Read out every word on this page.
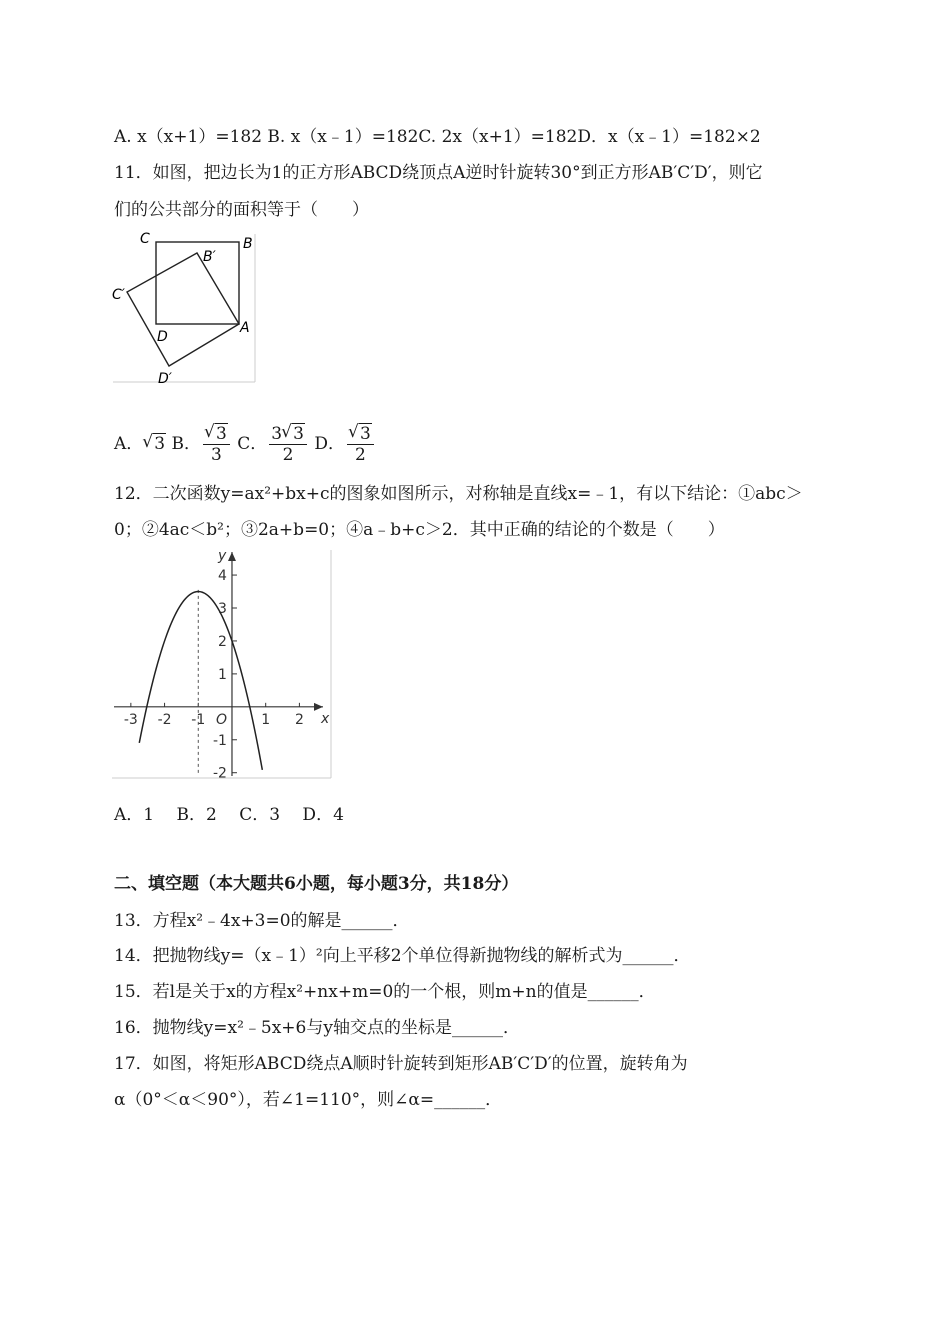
A. x（x+1）=182 B. x（x﹣1）=182C. 2x（x+1）=182D．x（x﹣1）=182×2
11．如图，把边长为1的正方形ABCD绕顶点A逆时针旋转30°到正方形AB′C′D′，则它
们的公共部分的面积等于（　　）
C	B
B′
C′
D
A
D′
A． √ 3 B． √ $\frac{3}{3}$ C． $\frac{3 √ 3}{2}$ D． √ $\frac{3}{2}$
12．二次函数y=ax²+bx+c的图象如图所示，对称轴是直线x=﹣1，有以下结论：①abc＞
0；②4ac＜b²；③2a+b=0；④a﹣b+c＞2．其中正确的结论的个数是（　　）
-3 -2 -1	1 2
4
3
2
1
-1
-2
x
y
O
A．1　 B．2　 C．3　 D．4
二、填空题（本大题共6小题，每小题3分，共18分）
13．方程x²﹣4x+3=0的解是______．
14．把抛物线y=（x﹣1）²向上平移2个单位得新抛物线的解析式为______．
15．若l是关于x的方程x²+nx+m=0的一个根，则m+n的值是______．
16．抛物线y=x²﹣5x+6与y轴交点的坐标是______．
17．如图，将矩形ABCD绕点A顺时针旋转到矩形AB′C′D′的位置，旋转角为
α（0°＜α＜90°），若∠1=110°，则∠α=______．
